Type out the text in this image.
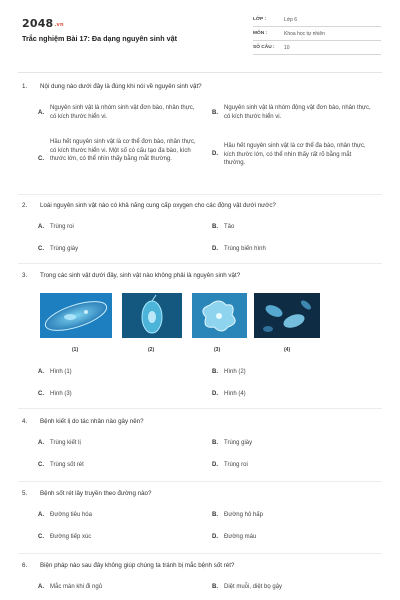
2048.vn
Trắc nghiệm Bài 17: Đa dạng nguyên sinh vật
LỚP :	Lớp 6
MÔN :	Khoa học tự nhiên
SỐ CÂU : 10
1. Nội dung nào dưới đây là đúng khi nói về nguyên sinh vật?
A.
Nguyên sinh vật là nhóm sinh vật đơn bào, nhân thực, có kích thước hiển vi.
B.
Nguyên sinh vật là nhóm động vật đơn bào, nhân thực, có kích thước hiển vi.
C.
Hầu hết nguyên sinh vật là cơ thể đơn bào, nhân thực, có kích thước hiển vi. Một số có cấu tạo đa bào, kích thước lớn, có thể nhìn thấy bằng mắt thường.
D.
Hầu hết nguyên sinh vật là cơ thể đa bào, nhân thực, kích thước lớn, có thể nhìn thấy rất rõ bằng mắt thường.
2. Loài nguyên sinh vật nào có khả năng cung cấp oxygen cho các động vật dưới nước?
A. Trùng roi	B. Tảo
C. Trùng giày	D. Trùng biến hình
3. Trong các sinh vật dưới đây, sinh vật nào không phải là nguyên sinh vật?
(1)	(2)	(3)	(4)
A. Hình (1)	B. Hình (2)
C. Hình (3)	D. Hình (4)
4. Bệnh kiết lị do tác nhân nào gây nên?
A. Trùng kiết lị	B. Trùng giày
C. Trùng sốt rét	D. Trùng roi
5. Bệnh sốt rét lây truyền theo đường nào?
A. Đường tiêu hóa	B. Đường hô hấp
C. Đường tiếp xúc	D. Đường máu
6. Biện pháp nào sau đây không giúp chúng ta tránh bị mắc bệnh sốt rét?
A. Mắc màn khi đi ngủ	B. Diệt muỗi, diệt bọ gậy
